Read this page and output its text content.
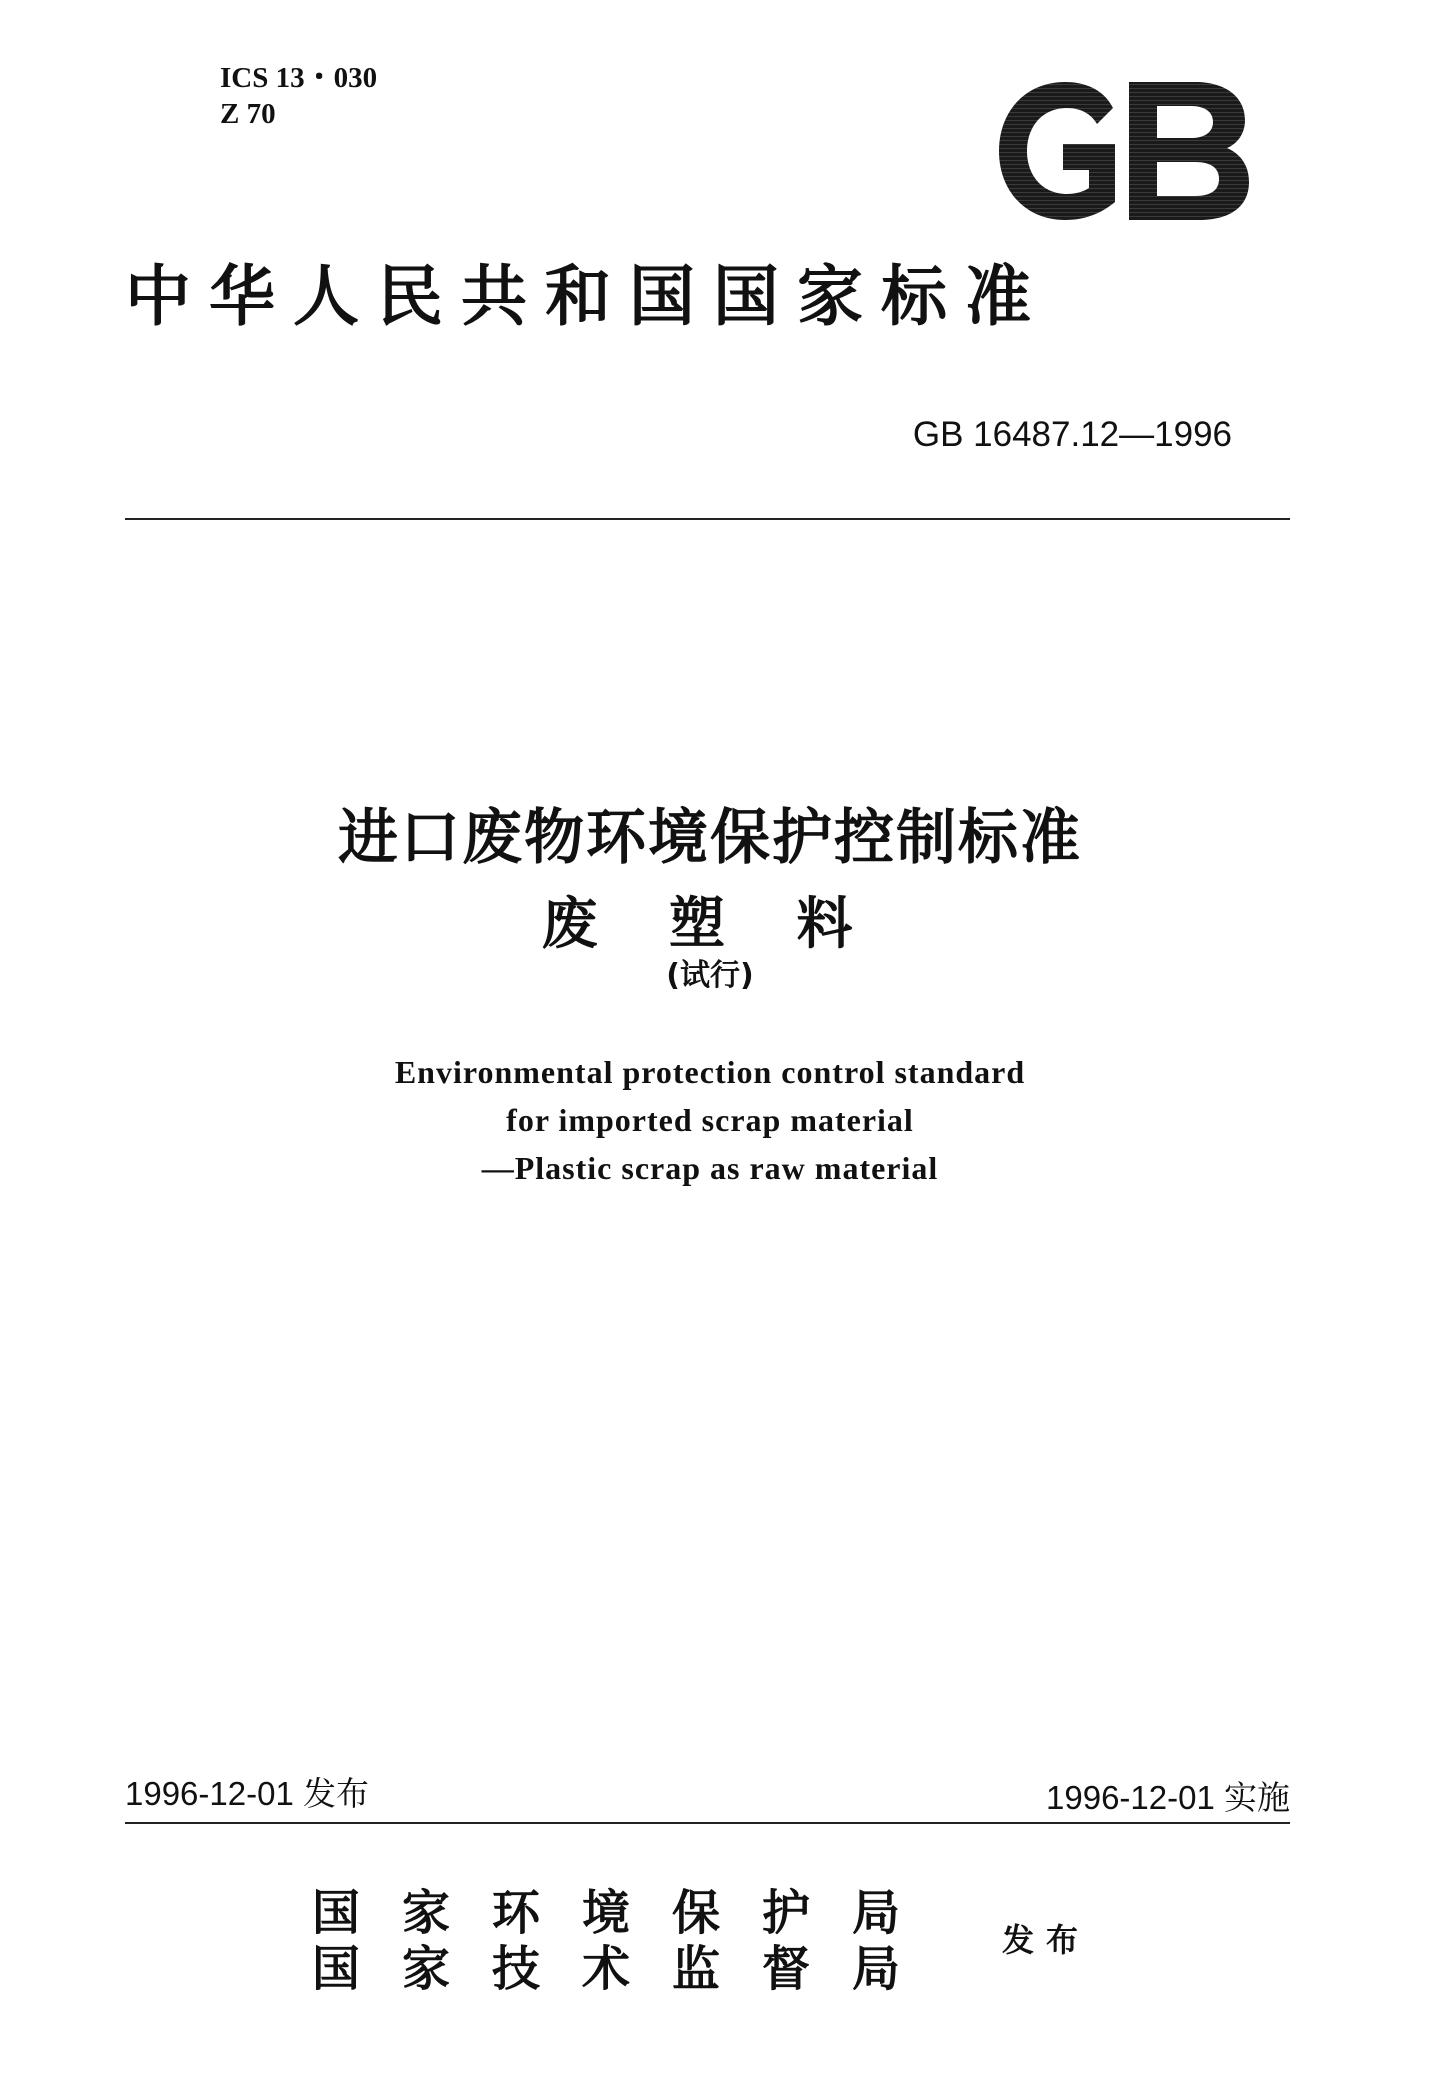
ICS 13・030
Z 70
中华人民共和国国家标准
GB 16487.12—1996
进口废物环境保护控制标准
废 塑 料
(试行)
Environmental protection control standard
for imported scrap material
—Plastic scrap as raw material
1996-12-01 发布	1996-12-01 实施
国家环境保护局
国家技术监督局
发布
